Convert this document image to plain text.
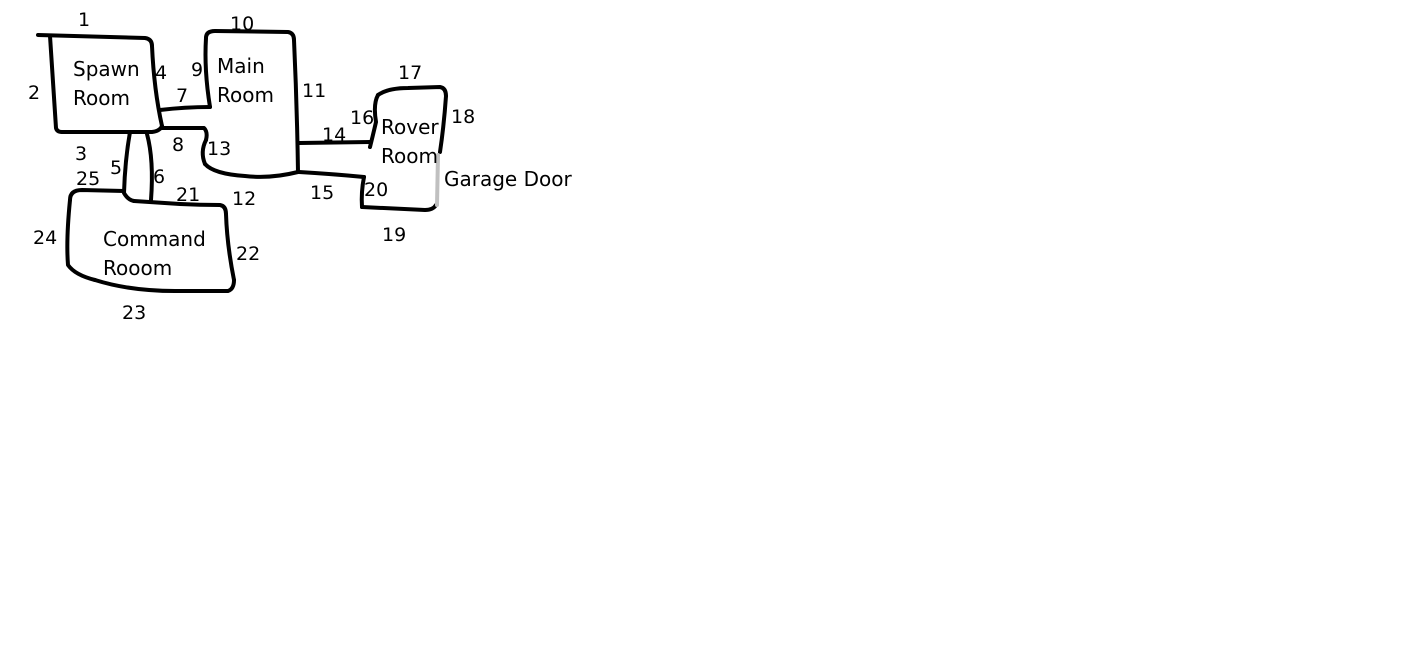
Spawn
Room
Main
Room
Rover
Room
Command
Rooom
Garage Door
1
2
3
4
5 6
7
8
9
10
11
12
13
14
15
16
17
18
19
20
21
22
23
24
25
